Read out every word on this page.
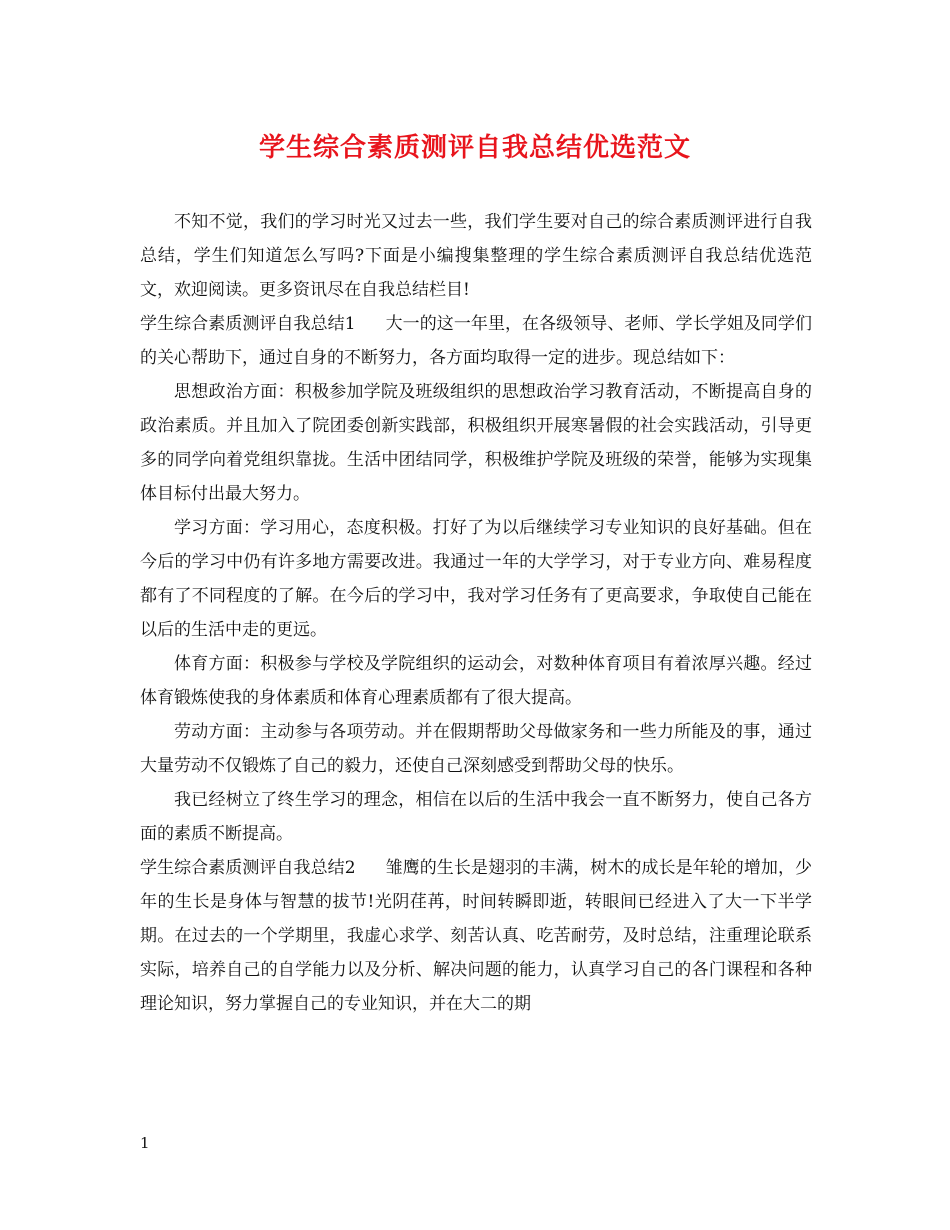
学生综合素质测评自我总结优选范文

不知不觉，我们的学习时光又过去一些，我们学生要对自己的综合素质测评进行自我总结，学生们知道怎么写吗?下面是小编搜集整理的学生综合素质测评自我总结优选范文，欢迎阅读。更多资讯尽在自我总结栏目!

学生综合素质测评自我总结1 大一的这一年里，在各级领导、老师、学长学姐及同学们的关心帮助下，通过自身的不断努力，各方面均取得一定的进步。现总结如下：

思想政治方面：积极参加学院及班级组织的思想政治学习教育活动，不断提高自身的政治素质。并且加入了院团委创新实践部，积极组织开展寒暑假的社会实践活动，引导更多的同学向着党组织靠拢。生活中团结同学，积极维护学院及班级的荣誉，能够为实现集体目标付出最大努力。

学习方面：学习用心，态度积极。打好了为以后继续学习专业知识的良好基础。但在今后的学习中仍有许多地方需要改进。我通过一年的大学学习，对于专业方向、难易程度都有了不同程度的了解。在今后的学习中，我对学习任务有了更高要求，争取使自己能在以后的生活中走的更远。

体育方面：积极参与学校及学院组织的运动会，对数种体育项目有着浓厚兴趣。经过体育锻炼使我的身体素质和体育心理素质都有了很大提高。

劳动方面：主动参与各项劳动。并在假期帮助父母做家务和一些力所能及的事，通过大量劳动不仅锻炼了自己的毅力，还使自己深刻感受到帮助父母的快乐。

我已经树立了终生学习的理念，相信在以后的生活中我会一直不断努力，使自己各方面的素质不断提高。

学生综合素质测评自我总结2 雏鹰的生长是翅羽的丰满，树木的成长是年轮的增加，少年的生长是身体与智慧的拔节!光阴荏苒，时间转瞬即逝，转眼间已经进入了大一下半学期。在过去的一个学期里，我虚心求学、刻苦认真、吃苦耐劳，及时总结，注重理论联系实际，培养自己的自学能力以及分析、解决问题的能力，认真学习自己的各门课程和各种理论知识，努力掌握自己的专业知识，并在大二的期

1
